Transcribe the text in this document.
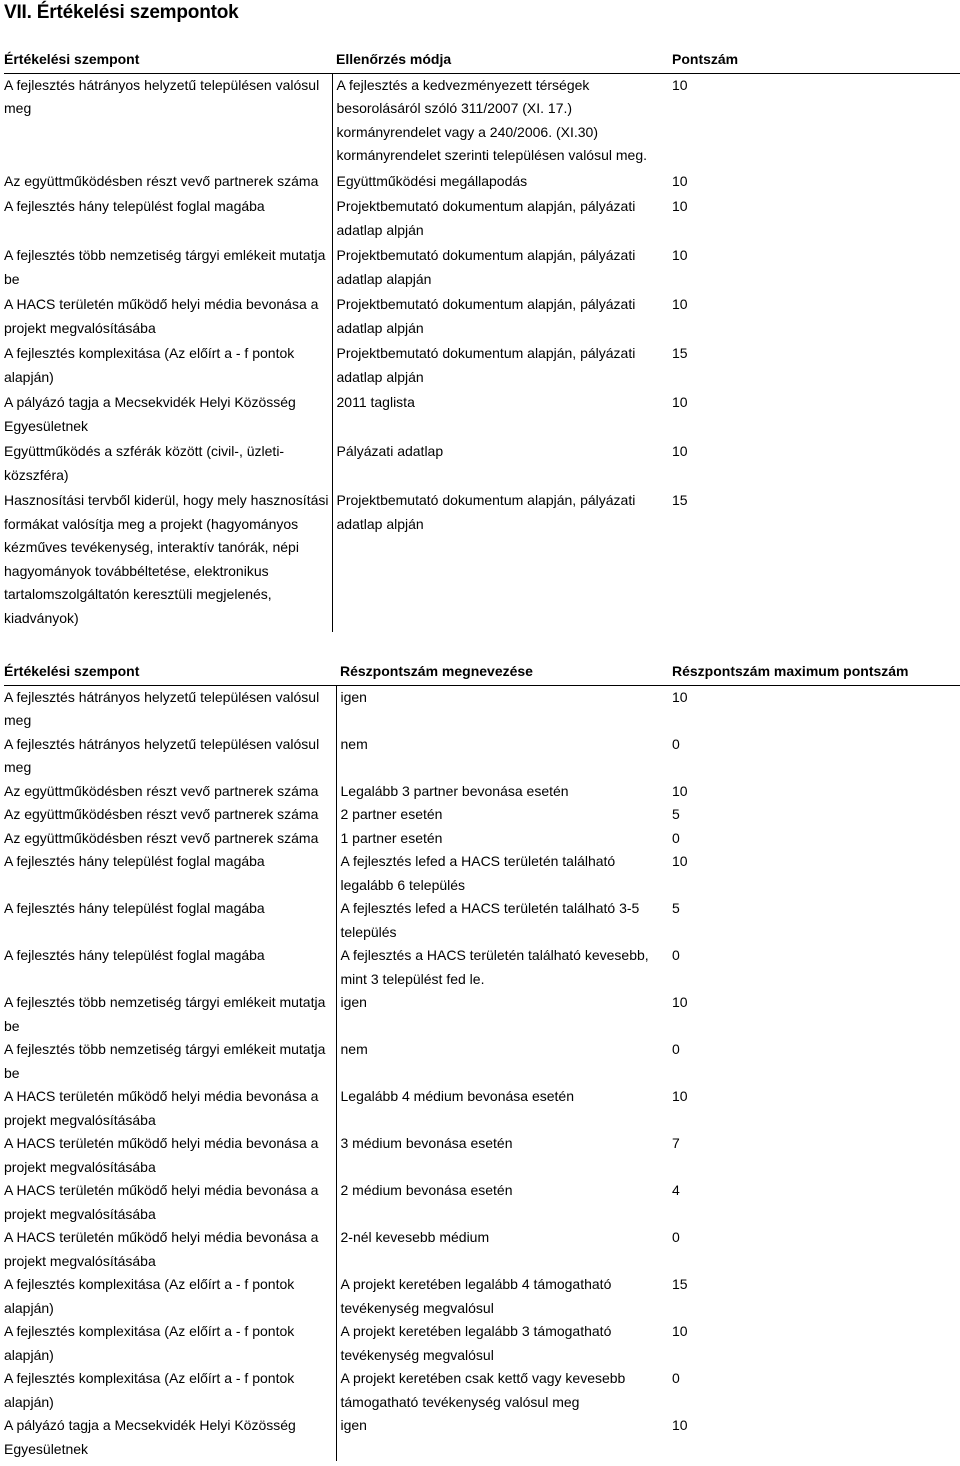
VII. Értékelési szempontok
Értékelési szempont	Ellenőrzés módja	Pontszám
A fejlesztés hátrányos helyzetű településen valósul meg	A fejlesztés a kedvezményezett térségek besorolásáról szóló 311/2007 (XI. 17.) kormányrendelet vagy a 240/2006. (XI.30) kormányrendelet szerinti településen valósul meg.	10
Az együttműködésben részt vevő partnerek száma	Együttműködési megállapodás	10
A fejlesztés hány települést foglal magába	Projektbemutató dokumentum alapján, pályázati adatlap alpján	10
A fejlesztés több nemzetiség tárgyi emlékeit mutatja be	Projektbemutató dokumentum alapján, pályázati adatlap alapján	10
A HACS területén működő helyi média bevonása a projekt megvalósításába	Projektbemutató dokumentum alapján, pályázati adatlap alpján	10
A fejlesztés komplexitása (Az előírt a - f pontok alapján)	Projektbemutató dokumentum alapján, pályázati adatlap alpján	15
A pályázó tagja a Mecsekvidék Helyi Közösség Egyesületnek	2011 taglista	10
Együttműködés a szférák között (civil-, üzleti- közszféra)	Pályázati adatlap	10
Hasznosítási tervből kiderül, hogy mely hasznosítási formákat valósítja meg a projekt (hagyományos kézműves tevékenység, interaktív tanórák, népi hagyományok továbbéltetése, elektronikus tartalomszolgáltatón keresztüli megjelenés, kiadványok)	Projektbemutató dokumentum alapján, pályázati adatlap alpján	15
Értékelési szempont	Részpontszám megnevezése	Részpontszám maximum pontszám
A fejlesztés hátrányos helyzetű településen valósul meg	igen	10
A fejlesztés hátrányos helyzetű településen valósul meg	nem	0
Az együttműködésben részt vevő partnerek száma	Legalább 3 partner bevonása esetén	10
Az együttműködésben részt vevő partnerek száma	2 partner esetén	5
Az együttműködésben részt vevő partnerek száma	1 partner esetén	0
A fejlesztés hány települést foglal magába	A fejlesztés lefed a HACS területén található legalább 6 település	10
A fejlesztés hány települést foglal magába	A fejlesztés lefed a HACS területén található 3-5 település	5
A fejlesztés hány települést foglal magába	A fejlesztés a HACS területén található kevesebb, mint 3 települést fed le.	0
A fejlesztés több nemzetiség tárgyi emlékeit mutatja be	igen	10
A fejlesztés több nemzetiség tárgyi emlékeit mutatja be	nem	0
A HACS területén működő helyi média bevonása a projekt megvalósításába	Legalább 4 médium bevonása esetén	10
A HACS területén működő helyi média bevonása a projekt megvalósításába	3 médium bevonása esetén	7
A HACS területén működő helyi média bevonása a projekt megvalósításába	2 médium bevonása esetén	4
A HACS területén működő helyi média bevonása a projekt megvalósításába	2-nél kevesebb médium	0
A fejlesztés komplexitása (Az előírt a - f pontok alapján)	A projekt keretében legalább 4 támogatható tevékenység megvalósul	15
A fejlesztés komplexitása (Az előírt a - f pontok alapján)	A projekt keretében legalább 3 támogatható tevékenység megvalósul	10
A fejlesztés komplexitása (Az előírt a - f pontok alapján)	A projekt keretében csak kettő vagy kevesebb támogatható tevékenység valósul meg	0
A pályázó tagja a Mecsekvidék Helyi Közösség Egyesületnek	igen	10
